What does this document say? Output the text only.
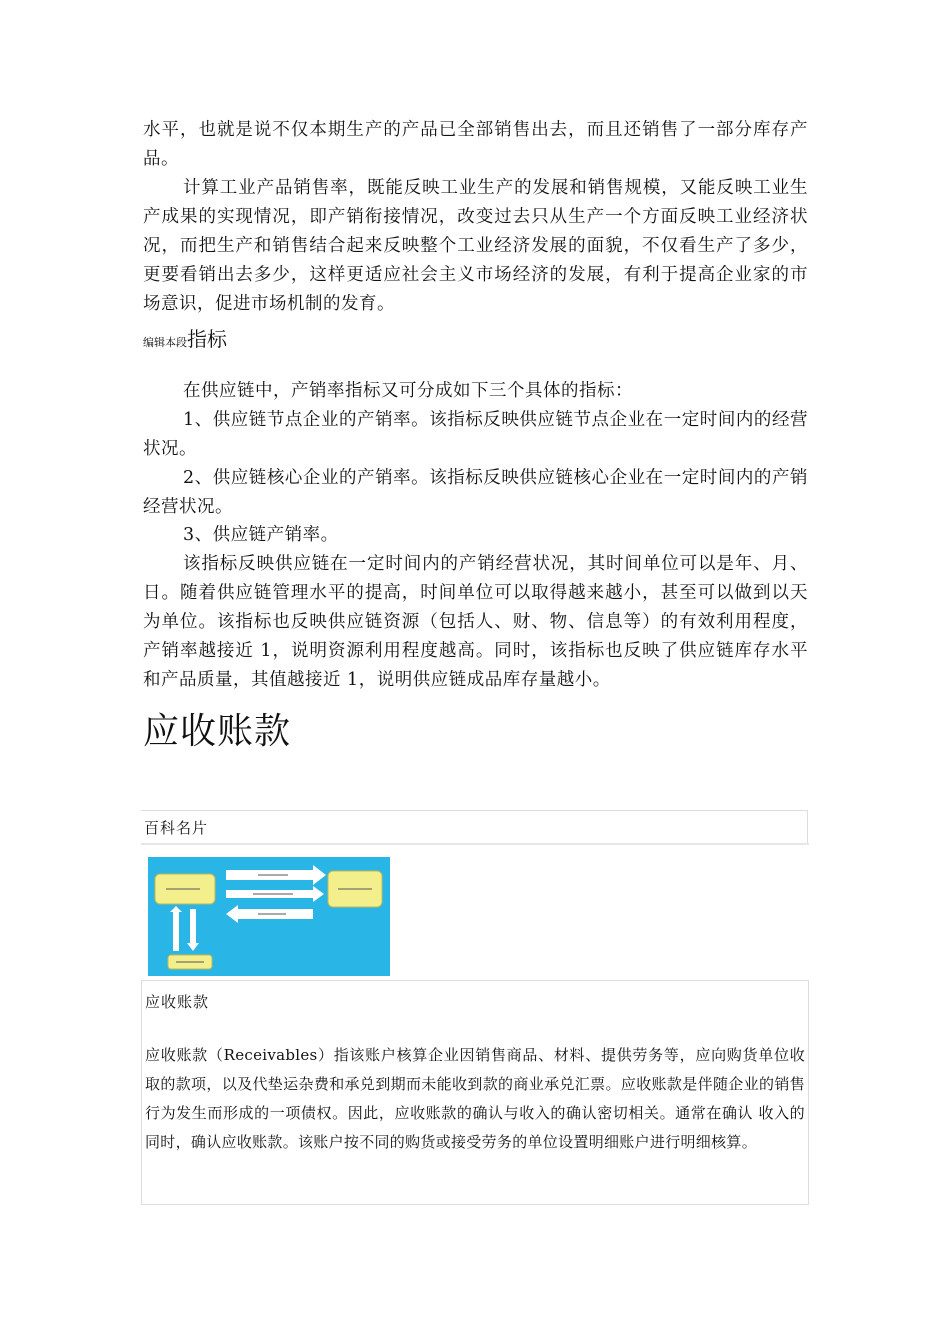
水平，也就是说不仅本期生产的产品已全部销售出去，而且还销售了一部分库存产品。

计算工业产品销售率，既能反映工业生产的发展和销售规模，又能反映工业生产成果的实现情况，即产销衔接情况，改变过去只从生产一个方面反映工业经济状况，而把生产和销售结合起来反映整个工业经济发展的面貌，不仅看生产了多少，更要看销出去多少，这样更适应社会主义市场经济的发展，有利于提高企业家的市场意识，促进市场机制的发育。

编辑本段指标

在供应链中，产销率指标又可分成如下三个具体的指标：

1、供应链节点企业的产销率。该指标反映供应链节点企业在一定时间内的经营状况。

2、供应链核心企业的产销率。该指标反映供应链核心企业在一定时间内的产销经营状况。

3、供应链产销率。

该指标反映供应链在一定时间内的产销经营状况，其时间单位可以是年、月、日。随着供应链管理水平的提高，时间单位可以取得越来越小，甚至可以做到以天为单位。该指标也反映供应链资源（包括人、财、物、信息等）的有效利用程度，产销率越接近 1，说明资源利用程度越高。同时，该指标也反映了供应链库存水平和产品质量，其值越接近 1，说明供应链成品库存量越小。

应收账款
百科名片

应收账款

应收账款（Receivables）指该账户核算企业因销售商品、材料、提供劳务等，应向购货单位收取的款项，以及代垫运杂费和承兑到期而未能收到款的商业承兑汇票。应收账款是伴随企业的销售行为发生而形成的一项债权。因此，应收账款的确认与收入的确认密切相关。通常在确认 收入的同时，确认应收账款。该账户按不同的购货或接受劳务的单位设置明细账户进行明细核算。
